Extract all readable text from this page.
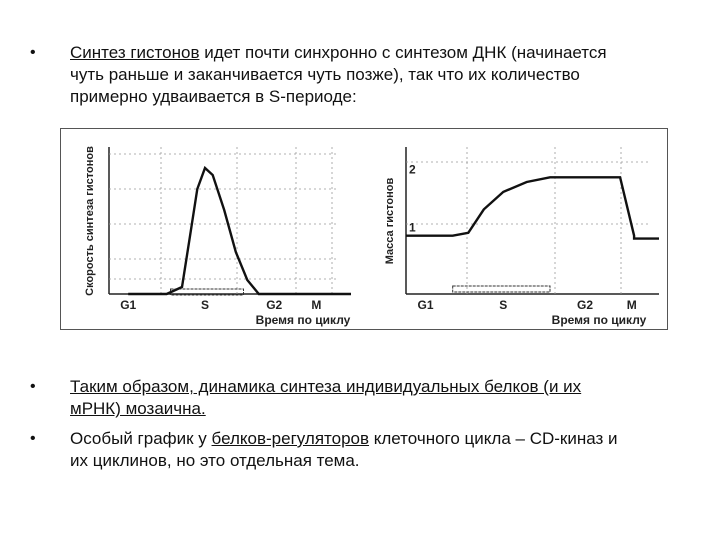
• Синтез гистонов идет почти синхронно с синтезом ДНК (начинается
чуть раньше и заканчивается чуть позже), так что их количество
примерно удваивается в S-периоде:
Скорость синтеза гистонов
G1	S	G2 M
Время по циклу
Масса гистонов 1
2
G1	S	G2	M
Время по циклу
• Таким образом, динамика синтеза индивидуальных белков (и их
мРНК) мозаична.
• Особый график у белков-регуляторов клеточного цикла – CD-киназ и
их циклинов, но это отдельная тема.
